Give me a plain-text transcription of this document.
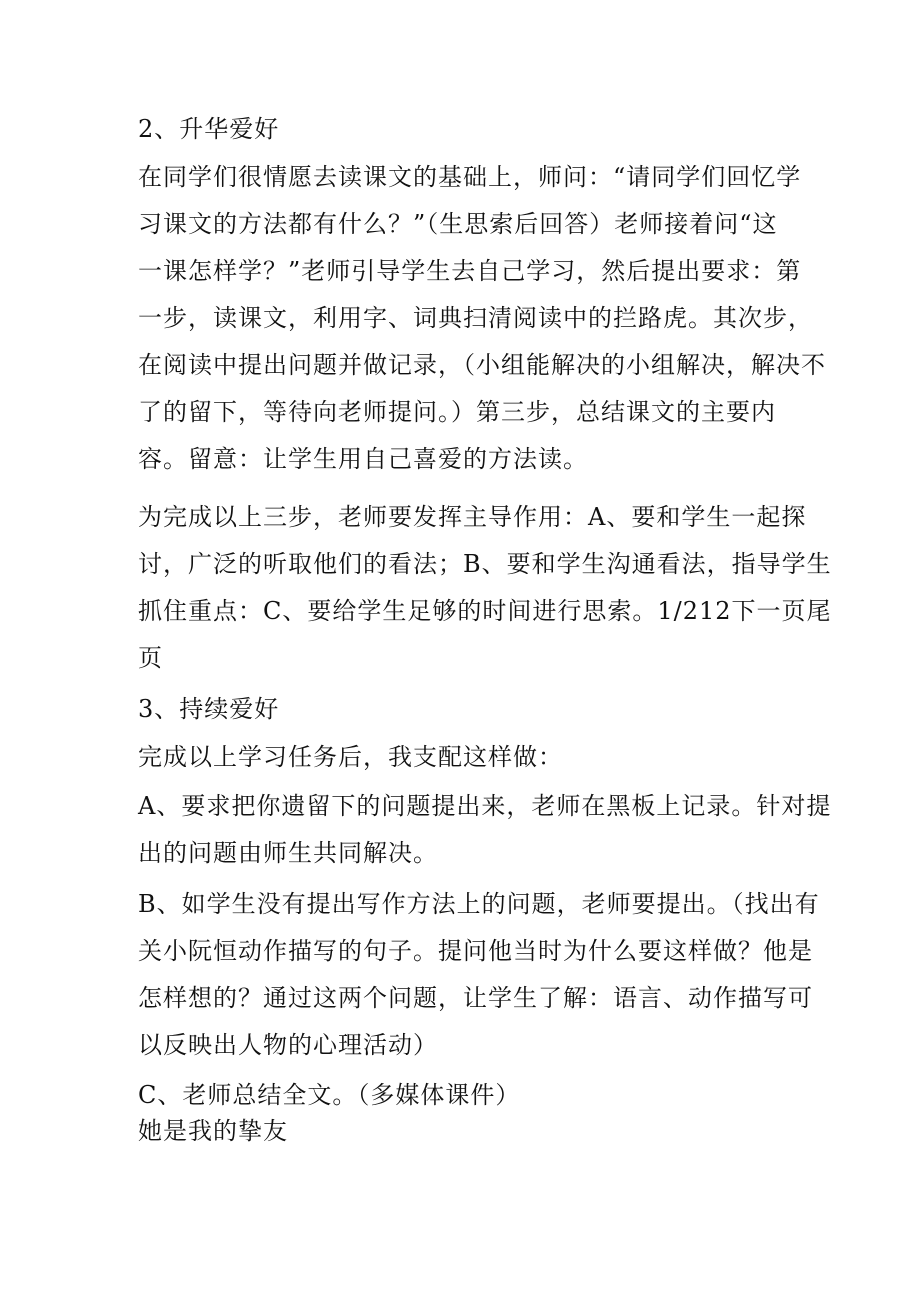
2、升华爱好
在同学们很情愿去读课文的基础上，师问：“请同学们回忆学
习课文的方法都有什么？”（生思索后回答）老师接着问“这
一课怎样学？”老师引导学生去自己学习，然后提出要求：第
一步，读课文，利用字、词典扫清阅读中的拦路虎。其次步，
在阅读中提出问题并做记录，（小组能解决的小组解决，解决不
了的留下，等待向老师提问。）第三步，总结课文的主要内
容。留意：让学生用自己喜爱的方法读。
为完成以上三步，老师要发挥主导作用：A、要和学生一起探
讨，广泛的听取他们的看法；B、要和学生沟通看法，指导学生
抓住重点：C、要给学生足够的时间进行思索。1/212下一页尾
页
3、持续爱好
完成以上学习任务后，我支配这样做：
A、要求把你遗留下的问题提出来，老师在黑板上记录。针对提
出的问题由师生共同解决。
B、如学生没有提出写作方法上的问题，老师要提出。（找出有
关小阮恒动作描写的句子。提问他当时为什么要这样做？他是
怎样想的？通过这两个问题，让学生了解：语言、动作描写可
以反映出人物的心理活动）
C、老师总结全文。（多媒体课件）
她是我的挚友
